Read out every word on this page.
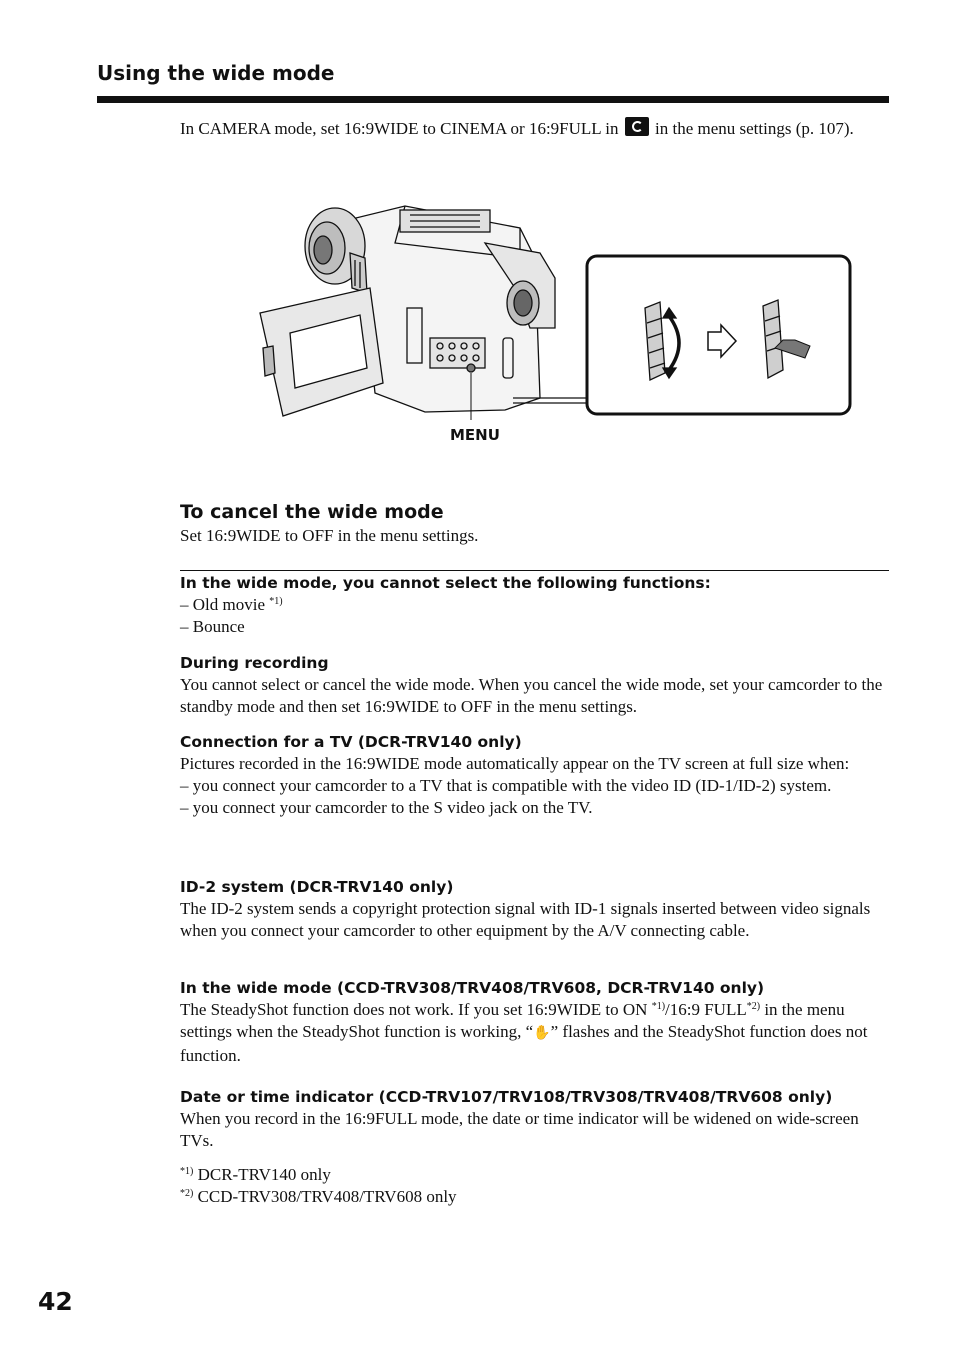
Using the wide mode

In CAMERA mode, set 16:9WIDE to CINEMA or 16:9FULL in  in the menu settings (p. 107).

MENU
To cancel the wide mode

Set 16:9WIDE to OFF in the menu settings.

In the wide mode, you cannot select the following functions:

– Old movie $^{*1)}$

– Bounce

During recording

You cannot select or cancel the wide mode. When you cancel the wide mode, set your camcorder to the standby mode and then set 16:9WIDE to OFF in the menu settings.

Connection for a TV (DCR-TRV140 only)

Pictures recorded in the 16:9WIDE mode automatically appear on the TV screen at full size when:

– you connect your camcorder to a TV that is compatible with the video ID (ID-1/ID-2) system.

– you connect your camcorder to the S video jack on the TV.

ID-2 system (DCR-TRV140 only)

The ID-2 system sends a copyright protection signal with ID-1 signals inserted between video signals when you connect your camcorder to other equipment by the A/V connecting cable.

In the wide mode (CCD-TRV308/TRV408/TRV608, DCR-TRV140 only)

The SteadyShot function does not work. If you set 16:9WIDE to ON $^{*1)}$/16:9 FULL$^{*2)}$ in the menu settings when the SteadyShot function is working, “✋” flashes and the SteadyShot function does not function.

Date or time indicator (CCD-TRV107/TRV108/TRV308/TRV408/TRV608 only)

When you record in the 16:9FULL mode, the date or time indicator will be widened on wide-screen TVs.

$^{*1)}$ DCR-TRV140 only

$^{*2)}$ CCD-TRV308/TRV408/TRV608 only

42
